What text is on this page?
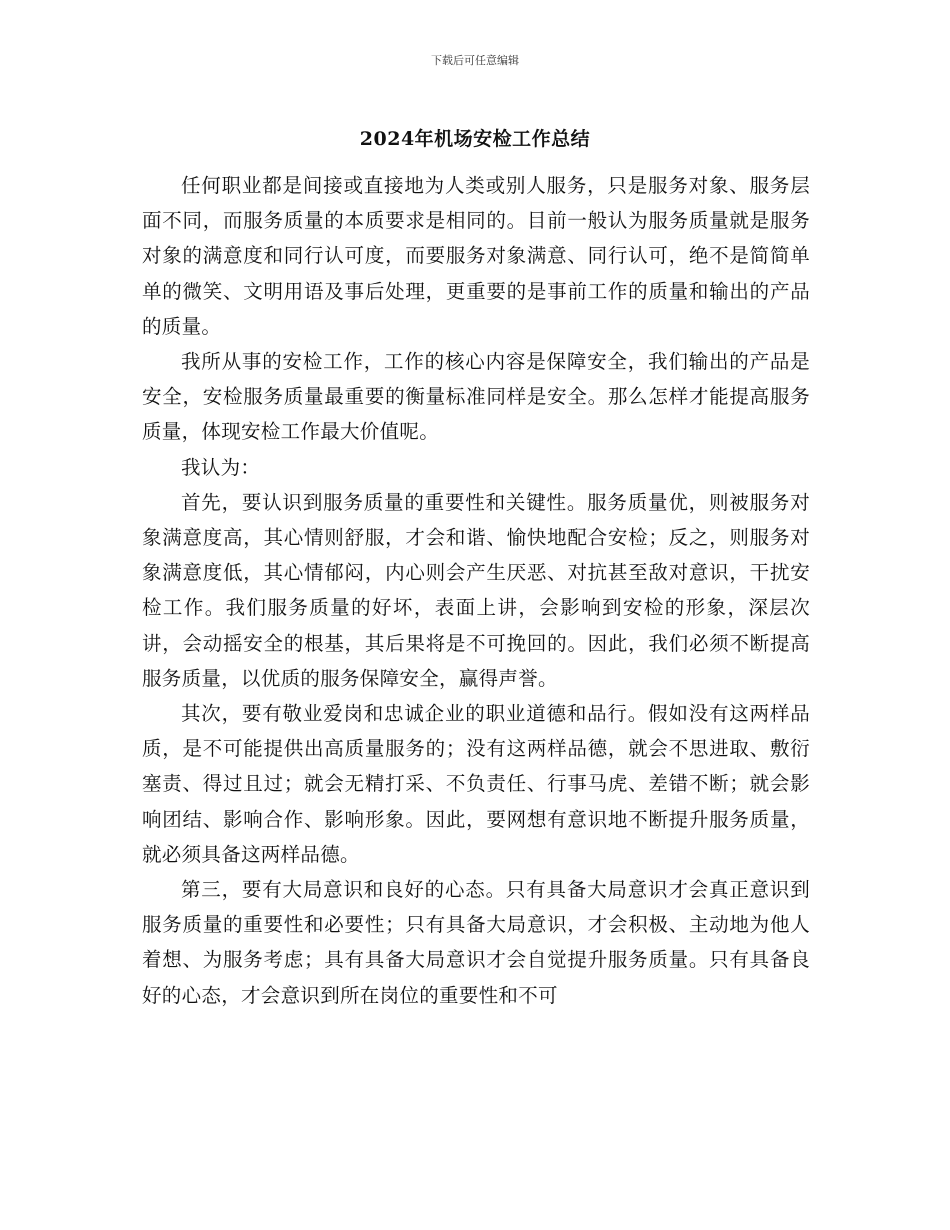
下载后可任意编辑
2024年机场安检工作总结

任何职业都是间接或直接地为人类或别人服务，只是服务对象、服务层面不同，而服务质量的本质要求是相同的。目前一般认为服务质量就是服务对象的满意度和同行认可度，而要服务对象满意、同行认可，绝不是简简单单的微笑、文明用语及事后处理，更重要的是事前工作的质量和输出的产品的质量。

我所从事的安检工作，工作的核心内容是保障安全，我们输出的产品是安全，安检服务质量最重要的衡量标准同样是安全。那么怎样才能提高服务质量，体现安检工作最大价值呢。

我认为：

首先，要认识到服务质量的重要性和关键性。服务质量优，则被服务对象满意度高，其心情则舒服，才会和谐、愉快地配合安检；反之，则服务对象满意度低，其心情郁闷，内心则会产生厌恶、对抗甚至敌对意识，干扰安检工作。我们服务质量的好坏，表面上讲，会影响到安检的形象，深层次讲，会动摇安全的根基，其后果将是不可挽回的。因此，我们必须不断提高服务质量，以优质的服务保障安全，赢得声誉。

其次，要有敬业爱岗和忠诚企业的职业道德和品行。假如没有这两样品质，是不可能提供出高质量服务的；没有这两样品德，就会不思进取、敷衍塞责、得过且过；就会无精打采、不负责任、行事马虎、差错不断；就会影响团结、影响合作、影响形象。因此，要网想有意识地不断提升服务质量，就必须具备这两样品德。

第三，要有大局意识和良好的心态。只有具备大局意识才会真正意识到服务质量的重要性和必要性；只有具备大局意识，才会积极、主动地为他人着想、为服务考虑；具有具备大局意识才会自觉提升服务质量。只有具备良好的心态，才会意识到所在岗位的重要性和不可
